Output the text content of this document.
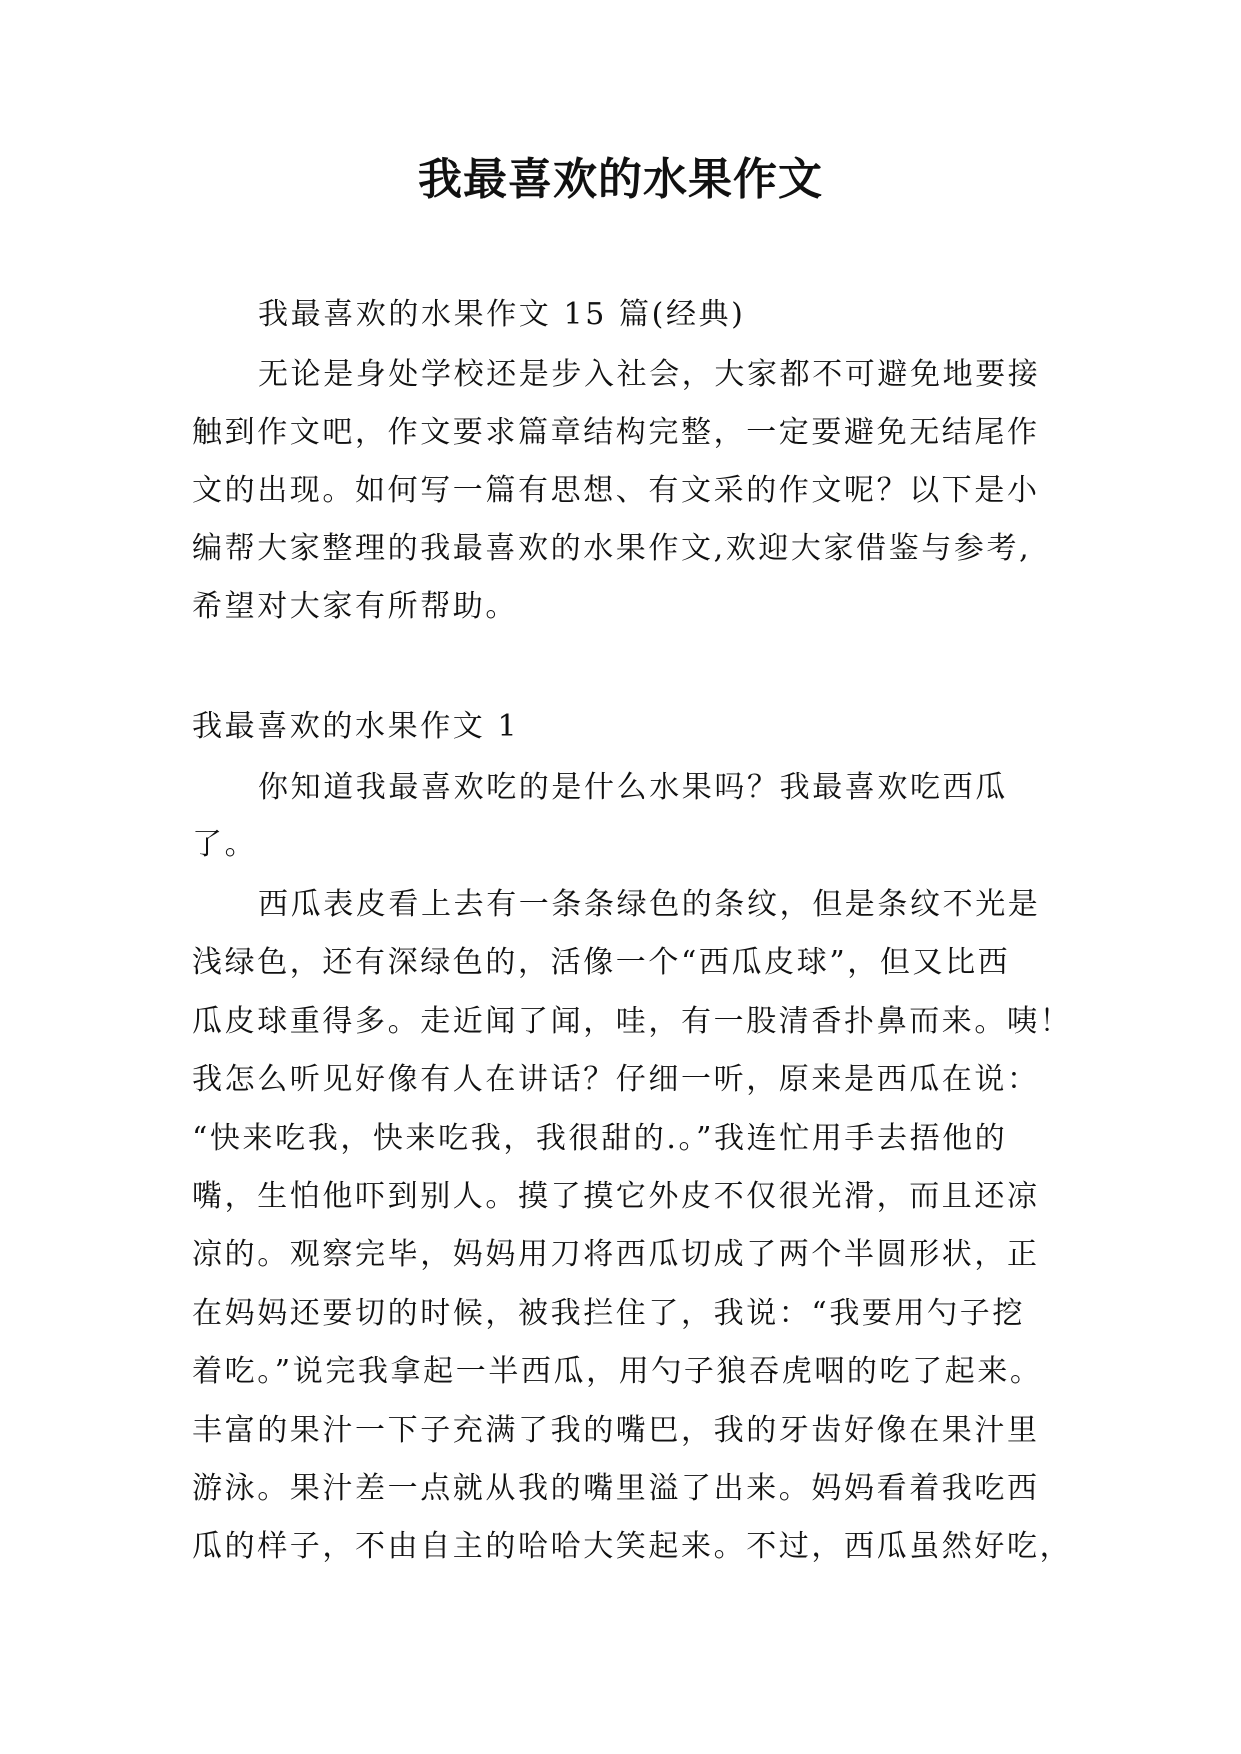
我最喜欢的水果作文

我最喜欢的水果作文 15 篇(经典)

无论是身处学校还是步入社会，大家都不可避免地要接

触到作文吧，作文要求篇章结构完整，一定要避免无结尾作

文的出现。如何写一篇有思想、有文采的作文呢？以下是小

编帮大家整理的我最喜欢的水果作文,欢迎大家借鉴与参考,

希望对大家有所帮助。

我最喜欢的水果作文 1

你知道我最喜欢吃的是什么水果吗？我最喜欢吃西瓜

了。

西瓜表皮看上去有一条条绿色的条纹，但是条纹不光是

浅绿色，还有深绿色的，活像一个“西瓜皮球”，但又比西

瓜皮球重得多。走近闻了闻，哇，有一股清香扑鼻而来。咦！

我怎么听见好像有人在讲话？仔细一听，原来是西瓜在说：

“快来吃我，快来吃我，我很甜的.。”我连忙用手去捂他的

嘴，生怕他吓到别人。摸了摸它外皮不仅很光滑，而且还凉

凉的。观察完毕，妈妈用刀将西瓜切成了两个半圆形状，正

在妈妈还要切的时候，被我拦住了，我说：“我要用勺子挖

着吃。”说完我拿起一半西瓜，用勺子狼吞虎咽的吃了起来。

丰富的果汁一下子充满了我的嘴巴，我的牙齿好像在果汁里

游泳。果汁差一点就从我的嘴里溢了出来。妈妈看着我吃西

瓜的样子，不由自主的哈哈大笑起来。不过，西瓜虽然好吃，
